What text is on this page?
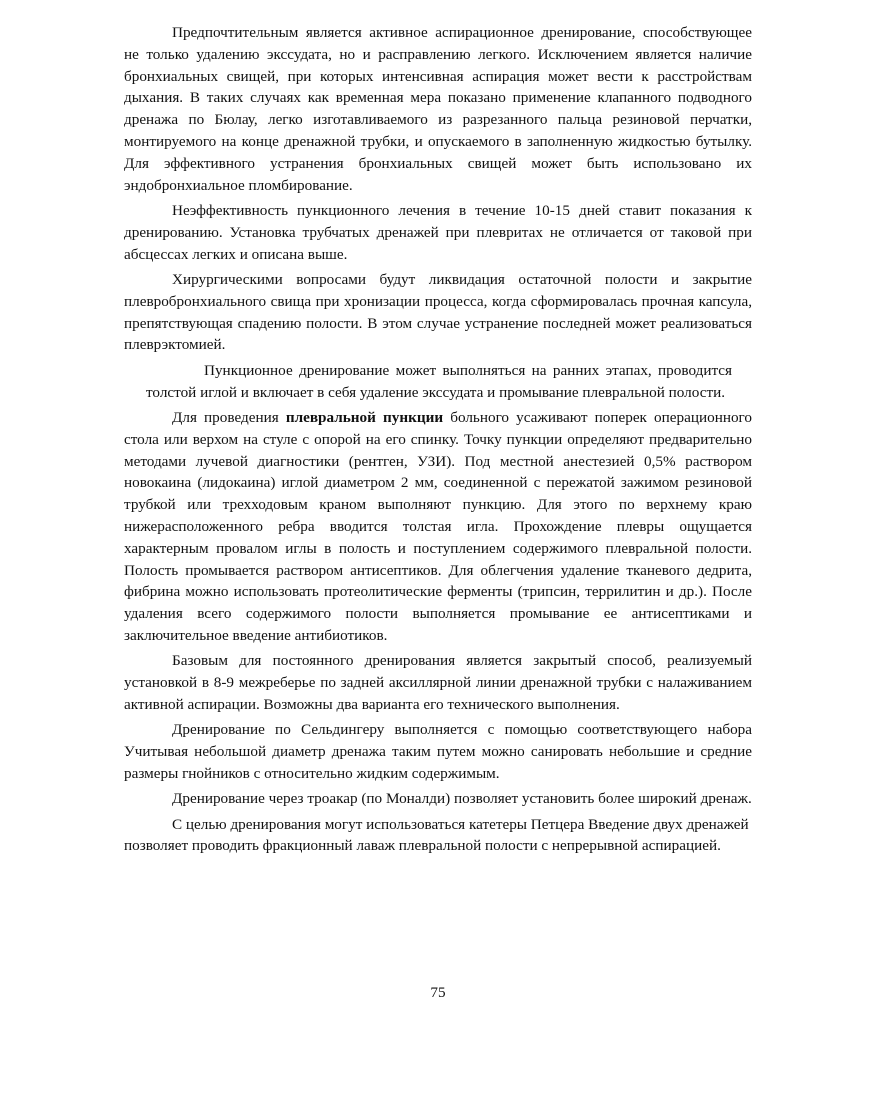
Предпочтительным является активное аспирационное дренирование, способствующее не только удалению экссудата, но и расправлению легкого. Исключением является наличие бронхиальных свищей, при которых интенсивная аспирация может вести к расстройствам дыхания. В таких случаях как временная мера показано применение клапанного подводного дренажа по Бюлау, легко изготавливаемого из разрезанного пальца резиновой перчатки, монтируемого на конце дренажной трубки, и опускаемого в заполненную жидкостью бутылку. Для эффективного устранения бронхиальных свищей может быть использовано их эндобронхиальное пломбирование.

Неэффективность пункционного лечения в течение 10-15 дней ставит показания к дренированию. Установка трубчатых дренажей при плевритах не отличается от таковой при абсцессах легких и описана выше.

Хирургическими вопросами будут ликвидация остаточной полости и закрытие плевробронхиального свища при хронизации процесса, когда сформировалась прочная капсула, препятствующая спадению полости. В этом случае устранение последней может реализоваться плеврэктомией.

Пункционное дренирование может выполняться на ранних этапах, проводится толстой иглой и включает в себя удаление экссудата и промывание плевральной полости.

Для проведения плевральной пункции больного усаживают поперек операционного стола или верхом на стуле с опорой на его спинку. Точку пункции определяют предварительно методами лучевой диагностики (рентген, УЗИ). Под местной анестезией 0,5% раствором новокаина (лидокаина) иглой диаметром 2 мм, соединенной с пережатой зажимом резиновой трубкой или трехходовым краном выполняют пункцию. Для этого по верхнему краю нижерасположенного ребра вводится толстая игла. Прохождение плевры ощущается характерным провалом иглы в полость и поступлением содержимого плевральной полости. Полость промывается раствором антисептиков. Для облегчения удаление тканевого дедрита, фибрина можно использовать протеолитические ферменты (трипсин, террилитин и др.). После удаления всего содержимого полости выполняется промывание ее антисептиками и заключительное введение антибиотиков.

Базовым для постоянного дренирования является закрытый способ, реализуемый установкой в 8-9 межреберье по задней аксиллярной линии дренажной трубки с налаживанием активной аспирации. Возможны два варианта его технического выполнения.

Дренирование по Сельдингеру выполняется с помощью соответствующего набора Учитывая небольшой диаметр дренажа таким путем можно санировать небольшие и средние размеры гнойников с относительно жидким содержимым.

Дренирование через троакар (по Моналди) позволяет установить более широкий дренаж.

С целью дренирования могут использоваться катетеры Петцера Введение двух дренажей позволяет проводить фракционный лаваж плевральной полости с непрерывной аспирацией.

75
